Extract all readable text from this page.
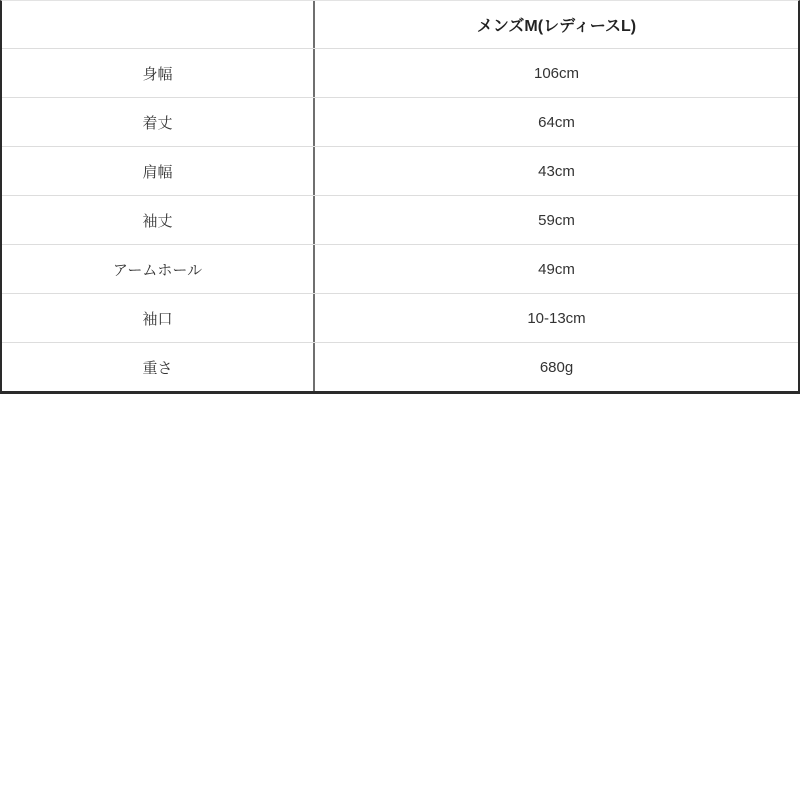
メンズM(レディースL)
身幅	106cm
着丈	64cm
肩幅	43cm
袖丈	59cm
アームホール	49cm
袖口	10-13cm
重さ	680g
